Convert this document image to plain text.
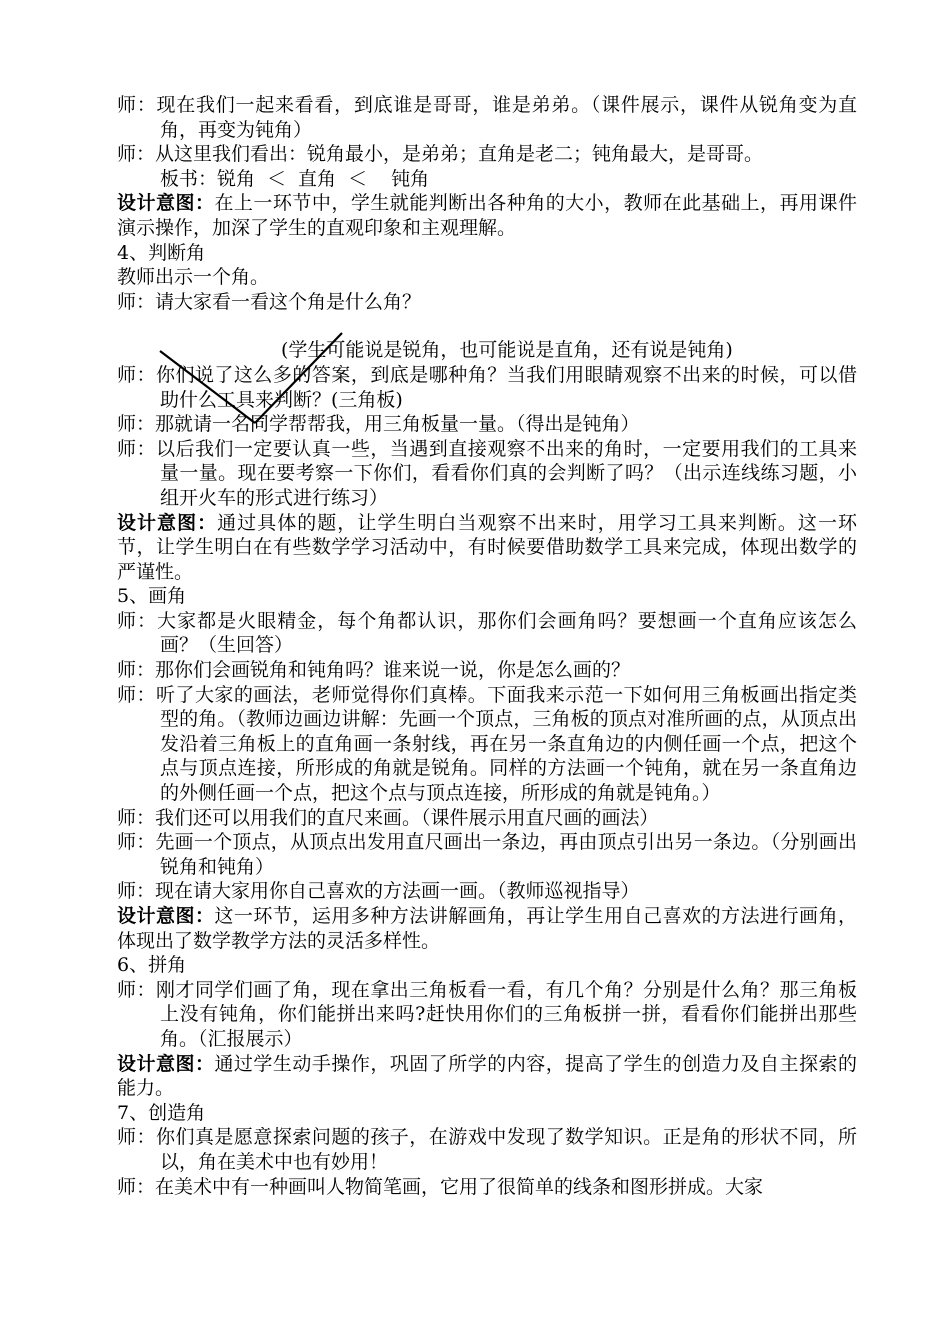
师：现在我们一起来看看，到底谁是哥哥，谁是弟弟。（课件展示，课件从锐角变为直角，再变为钝角）

师：从这里我们看出：锐角最小，是弟弟；直角是老二；钝角最大，是哥哥。

板书：锐角 ＜ 直角 ＜ 钝角

设计意图：在上一环节中，学生就能判断出各种角的大小，教师在此基础上，再用课件演示操作，加深了学生的直观印象和主观理解。

4、判断角

教师出示一个角。

师：请大家看一看这个角是什么角？

(学生可能说是锐角，也可能说是直角，还有说是钝角)

师：你们说了这么多的答案，到底是哪种角？当我们用眼睛观察不出来的时候，可以借助什么工具来判断？(三角板)

师：那就请一名同学帮帮我，用三角板量一量。（得出是钝角）

师：以后我们一定要认真一些，当遇到直接观察不出来的角时，一定要用我们的工具来量一量。现在要考察一下你们，看看你们真的会判断了吗？（出示连线练习题，小组开火车的形式进行练习）

设计意图：通过具体的题，让学生明白当观察不出来时，用学习工具来判断。这一环节，让学生明白在有些数学学习活动中，有时候要借助数学工具来完成，体现出数学的严谨性。

5、画角

师：大家都是火眼精金，每个角都认识，那你们会画角吗？要想画一个直角应该怎么画？（生回答）

师：那你们会画锐角和钝角吗？谁来说一说，你是怎么画的？

师：听了大家的画法，老师觉得你们真棒。下面我来示范一下如何用三角板画出指定类型的角。（教师边画边讲解：先画一个顶点，三角板的顶点对准所画的点，从顶点出发沿着三角板上的直角画一条射线，再在另一条直角边的内侧任画一个点，把这个点与顶点连接，所形成的角就是锐角。同样的方法画一个钝角，就在另一条直角边的外侧任画一个点，把这个点与顶点连接，所形成的角就是钝角。）

师：我们还可以用我们的直尺来画。（课件展示用直尺画的画法）

师：先画一个顶点，从顶点出发用直尺画出一条边，再由顶点引出另一条边。（分别画出锐角和钝角）

师：现在请大家用你自己喜欢的方法画一画。（教师巡视指导）

设计意图：这一环节，运用多种方法讲解画角，再让学生用自己喜欢的方法进行画角，体现出了数学教学方法的灵活多样性。

6、拼角

师：刚才同学们画了角，现在拿出三角板看一看，有几个角？分别是什么角？那三角板上没有钝角，你们能拼出来吗?赶快用你们的三角板拼一拼，看看你们能拼出那些角。（汇报展示）

设计意图：通过学生动手操作，巩固了所学的内容，提高了学生的创造力及自主探索的能力。

7、创造角

师：你们真是愿意探索问题的孩子，在游戏中发现了数学知识。正是角的形状不同，所以，角在美术中也有妙用！

师：在美术中有一种画叫人物简笔画，它用了很简单的线条和图形拼成。大家
